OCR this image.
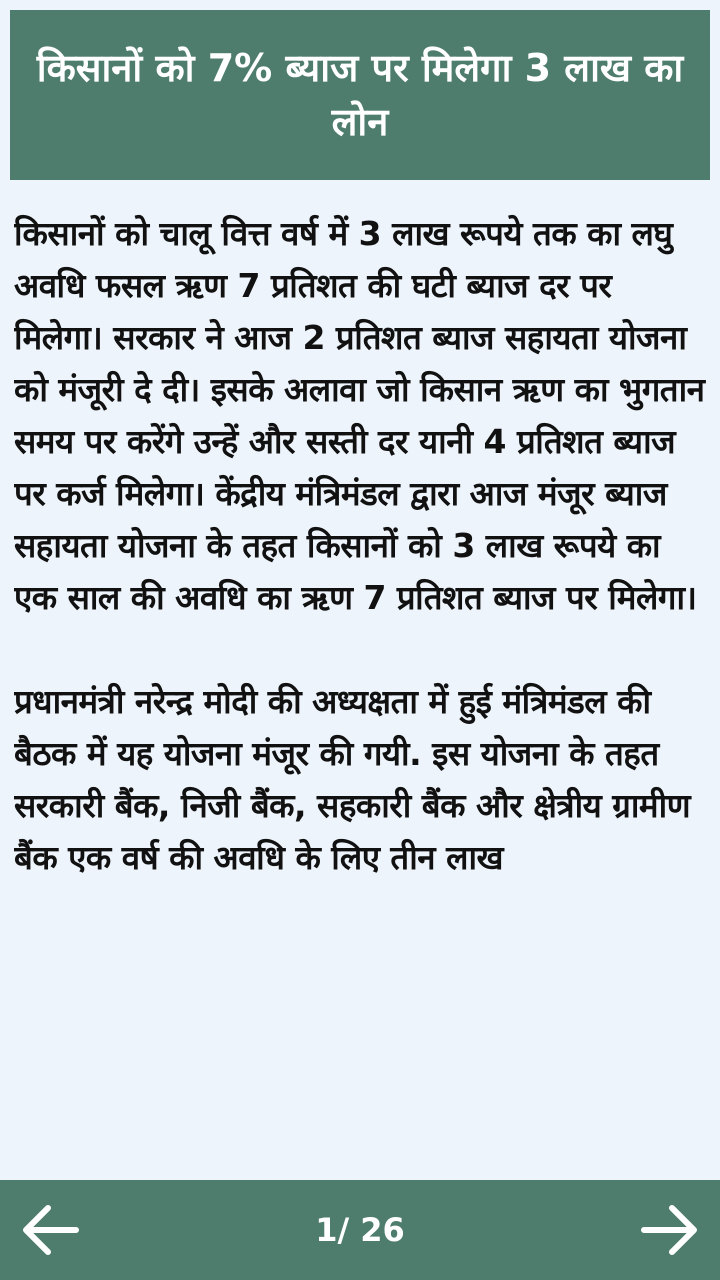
किसानों को 7% ब्याज पर मिलेगा 3 लाख का लोन

किसानों को चालू वित्त वर्ष में 3 लाख रूपये तक का लघु अवधि फसल ऋण 7 प्रतिशत की घटी ब्याज दर पर मिलेगा। सरकार ने आज 2 प्रतिशत ब्याज सहायता योजना को मंजूरी दे दी। इसके अलावा जो किसान ऋण का भुगतान समय पर करेंगे उन्हें और सस्ती दर यानी 4 प्रतिशत ब्याज पर कर्ज मिलेगा। केंद्रीय मंत्रिमंडल द्वारा आज मंजूर ब्याज सहायता योजना के तहत किसानों को 3 लाख रूपये का एक साल की अवधि का ऋण 7 प्रतिशत ब्याज पर मिलेगा।

प्रधानमंत्री नरेन्द्र मोदी की अध्यक्षता में हुई मंत्रिमंडल की बैठक में यह योजना मंजूर की गयी. इस योजना के तहत सरकारी बैंक, निजी बैंक, सहकारी बैंक और क्षेत्रीय ग्रामीण बैंक एक वर्ष की अवधि के लिए तीन लाख

1/ 26
